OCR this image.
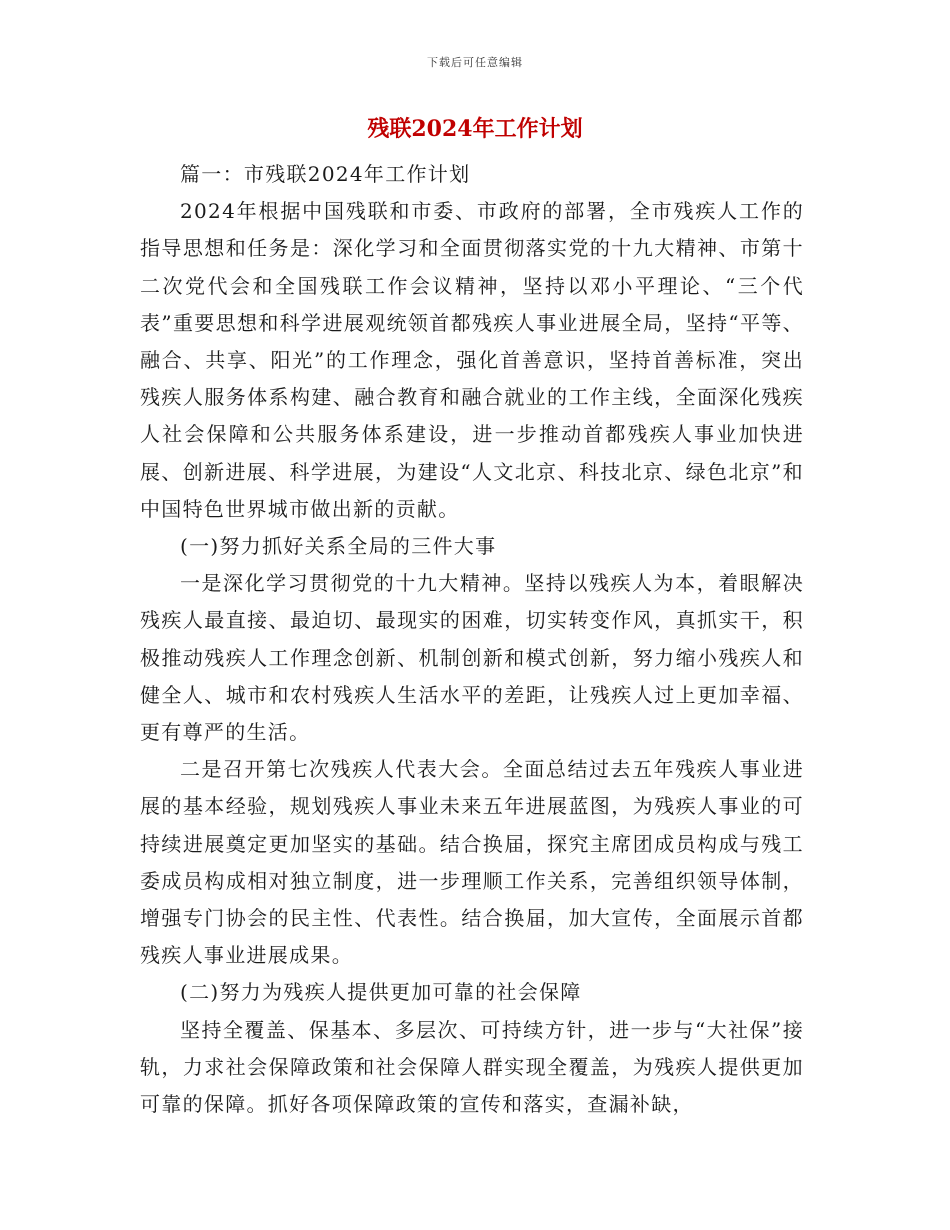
下载后可任意编辑
残联2024年工作计划

篇一：市残联2024年工作计划

2024年根据中国残联和市委、市政府的部署，全市残疾人工作的指导思想和任务是：深化学习和全面贯彻落实党的十九大精神、市第十二次党代会和全国残联工作会议精神，坚持以邓小平理论、“三个代表”重要思想和科学进展观统领首都残疾人事业进展全局，坚持“平等、融合、共享、阳光”的工作理念，强化首善意识，坚持首善标准，突出残疾人服务体系构建、融合教育和融合就业的工作主线，全面深化残疾人社会保障和公共服务体系建设，进一步推动首都残疾人事业加快进展、创新进展、科学进展，为建设“人文北京、科技北京、绿色北京”和中国特色世界城市做出新的贡献。

(一)努力抓好关系全局的三件大事

一是深化学习贯彻党的十九大精神。坚持以残疾人为本，着眼解决残疾人最直接、最迫切、最现实的困难，切实转变作风，真抓实干，积极推动残疾人工作理念创新、机制创新和模式创新，努力缩小残疾人和健全人、城市和农村残疾人生活水平的差距，让残疾人过上更加幸福、更有尊严的生活。

二是召开第七次残疾人代表大会。全面总结过去五年残疾人事业进展的基本经验，规划残疾人事业未来五年进展蓝图，为残疾人事业的可持续进展奠定更加坚实的基础。结合换届，探究主席团成员构成与残工委成员构成相对独立制度，进一步理顺工作关系，完善组织领导体制，增强专门协会的民主性、代表性。结合换届，加大宣传，全面展示首都残疾人事业进展成果。

(二)努力为残疾人提供更加可靠的社会保障

坚持全覆盖、保基本、多层次、可持续方针，进一步与“大社保”接轨，力求社会保障政策和社会保障人群实现全覆盖，为残疾人提供更加可靠的保障。抓好各项保障政策的宣传和落实，查漏补缺，
